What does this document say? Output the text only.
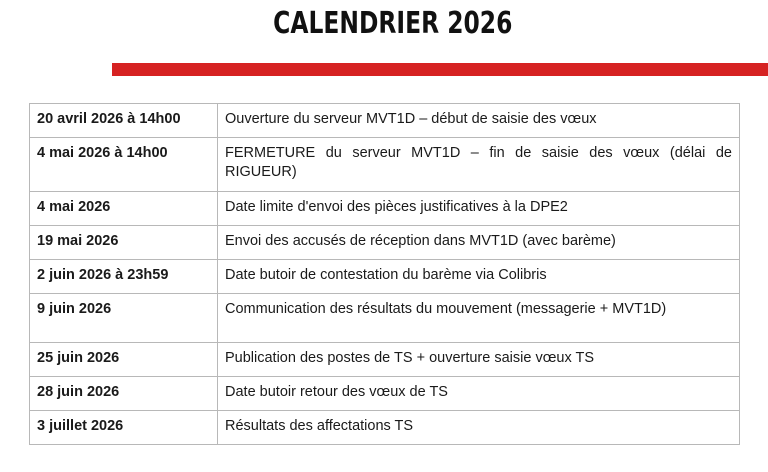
CALENDRIER 2026
20 avril 2026 à 14h00	Ouverture du serveur MVT1D – début de saisie des vœux
4 mai 2026 à 14h00	FERMETURE du serveur MVT1D – fin de saisie des vœux (délai de RIGUEUR)
4 mai 2026	Date limite d'envoi des pièces justificatives à la DPE2
19 mai 2026	Envoi des accusés de réception dans MVT1D (avec barème)
2 juin 2026 à 23h59	Date butoir de contestation du barème via Colibris
9 juin 2026	Communication des résultats du mouvement (messagerie + MVT1D)
25 juin 2026	Publication des postes de TS + ouverture saisie vœux TS
28 juin 2026	Date butoir retour des vœux de TS
3 juillet 2026	Résultats des affectations TS
